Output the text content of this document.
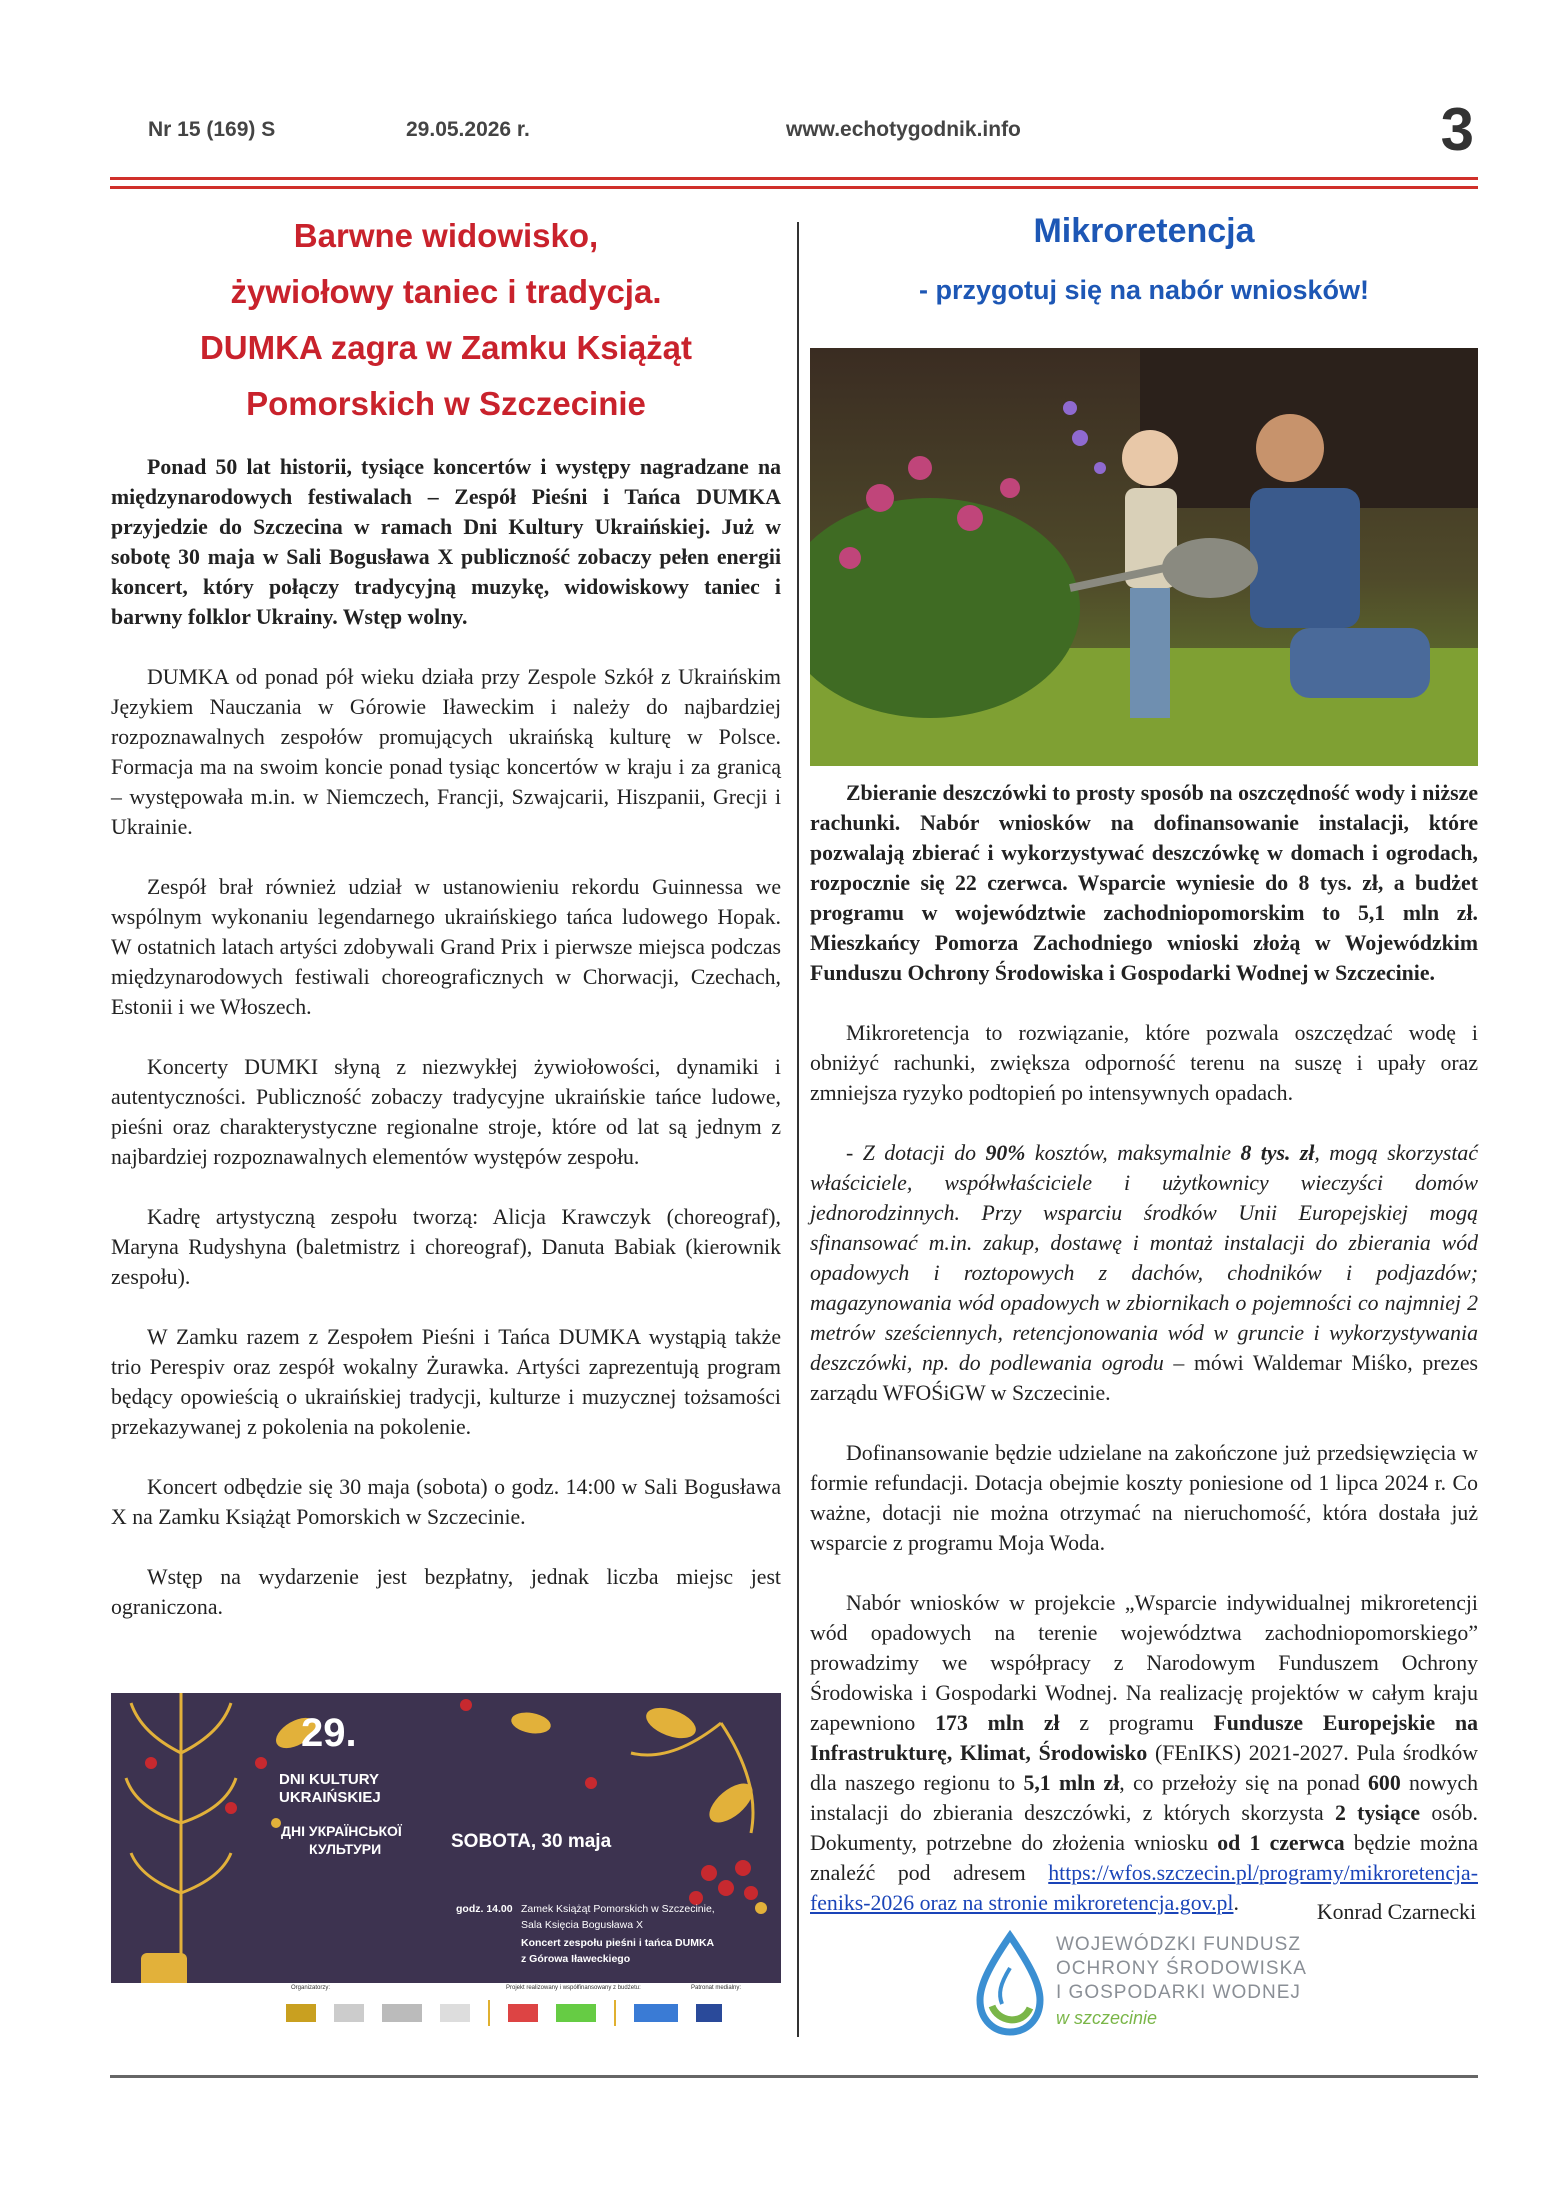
Nr 15 (169) S	29.05.2026 r.	www.echotygodnik.info	3
Barwne widowisko,
żywiołowy taniec i tradycja.
DUMKA zagra w Zamku Książąt
Pomorskich w Szczecinie

Ponad 50 lat historii, tysiące koncertów i występy nagradzane na międzynarodowych festiwalach – Zespół Pieśni i Tańca DUMKA przyjedzie do Szczecina w ramach Dni Kultury Ukraińskiej. Już w sobotę 30 maja w Sali Bogusława X publiczność zobaczy pełen energii koncert, który połączy tradycyjną muzykę, widowiskowy taniec i barwny folklor Ukrainy. Wstęp wolny.

DUMKA od ponad pół wieku działa przy Zespole Szkół z Ukraińskim Językiem Nauczania w Górowie Iławeckim i należy do najbardziej rozpoznawalnych zespołów promujących ukraińską kulturę w Polsce. Formacja ma na swoim koncie ponad tysiąc koncertów w kraju i za granicą – występowała m.in. w Niemczech, Francji, Szwajcarii, Hiszpanii, Grecji i Ukrainie.

Zespół brał również udział w ustanowieniu rekordu Guinnessa we wspólnym wykonaniu legendarnego ukraińskiego tańca ludowego Hopak. W ostatnich latach artyści zdobywali Grand Prix i pierwsze miejsca podczas międzynarodowych festiwali choreograficznych w Chorwacji, Czechach, Estonii i we Włoszech.

Koncerty DUMKI słyną z niezwykłej żywiołowości, dynamiki i autentyczności. Publiczność zobaczy tradycyjne ukraińskie tańce ludowe, pieśni oraz charakterystyczne regionalne stroje, które od lat są jednym z najbardziej rozpoznawalnych elementów występów zespołu.

Kadrę artystyczną zespołu tworzą: Alicja Krawczyk (choreograf), Maryna Rudyshyna (baletmistrz i choreograf), Danuta Babiak (kierownik zespołu).

W Zamku razem z Zespołem Pieśni i Tańca DUMKA wystąpią także trio Perespiv oraz zespół wokalny Żurawka. Artyści zaprezentują program będący opowieścią o ukraińskiej tradycji, kulturze i muzycznej tożsamości przekazywanej z pokolenia na pokolenie.

Koncert odbędzie się 30 maja (sobota) o godz. 14:00 w Sali Bogusława X na Zamku Książąt Pomorskich w Szczecinie.

Wstęp na wydarzenie jest bezpłatny, jednak liczba miejsc jest ograniczona.

29.
DNI KULTURY
UKRAIŃSKIEJ
ДНІ УКРАЇНСЬКОЇ
КУЛЬТУРИ	SOBOTA, 30 maja
godz. 14.00 Zamek Książąt Pomorskich w Szczecinie,
Sala Księcia Bogusława X
Koncert zespołu pieśni i tańca DUMKA
z Górowa Iławeckiego
Organizatorzy:	Projekt realizowany i współfinansowany z budżetu:	Patronat medialny:
Mikroretencja
- przygotuj się na nabór wniosków!

Zbieranie deszczówki to prosty sposób na oszczędność wody i niższe rachunki. Nabór wniosków na dofinansowanie instalacji, które pozwalają zbierać i wykorzystywać deszczówkę w domach i ogrodach, rozpocznie się 22 czerwca. Wsparcie wyniesie do 8 tys. zł, a budżet programu w województwie zachodniopomorskim to 5,1 mln zł. Mieszkańcy Pomorza Zachodniego wnioski złożą w Wojewódzkim Funduszu Ochrony Środowiska i Gospodarki Wodnej w Szczecinie.

Mikroretencja to rozwiązanie, które pozwala oszczędzać wodę i obniżyć rachunki, zwiększa odporność terenu na suszę i upały oraz zmniejsza ryzyko podtopień po intensywnych opadach.

- Z dotacji do 90% kosztów, maksymalnie 8 tys. zł, mogą skorzystać właściciele, współwłaściciele i użytkownicy wieczyści domów jednorodzinnych. Przy wsparciu środków Unii Europejskiej mogą sfinansować m.in. zakup, dostawę i montaż instalacji do zbierania wód opadowych i roztopowych z dachów, chodników i podjazdów; magazynowania wód opadowych w zbiornikach o pojemności co najmniej 2 metrów sześciennych, retencjonowania wód w gruncie i wykorzystywania deszczówki, np. do podlewania ogrodu – mówi Waldemar Miśko, prezes zarządu WFOŚiGW w Szczecinie.

Dofinansowanie będzie udzielane na zakończone już przedsięwzięcia w formie refundacji. Dotacja obejmie koszty poniesione od 1 lipca 2024 r. Co ważne, dotacji nie można otrzymać na nieruchomość, która dostała już wsparcie z programu Moja Woda.

Nabór wniosków w projekcie „Wsparcie indywidualnej mikroretencji wód opadowych na terenie województwa zachodniopomorskiego” prowadzimy we współpracy z Narodowym Funduszem Ochrony Środowiska i Gospodarki Wodnej. Na realizację projektów w całym kraju zapewniono 173 mln zł z programu Fundusze Europejskie na Infrastrukturę, Klimat, Środowisko (FEnIKS) 2021-2027. Pula środków dla naszego regionu to 5,1 mln zł, co przełoży się na ponad 600 nowych instalacji do zbierania deszczówki, z których skorzysta 2 tysiące osób. Dokumenty, potrzebne do złożenia wniosku od 1 czerwca będzie można znaleźć pod adresem https://wfos.szczecin.pl/programy/mikroretencja-feniks-2026 oraz na stronie mikroretencja.gov.pl.	Konrad Czarnecki
WOJEWÓDZKI FUNDUSZ
OCHRONY ŚRODOWISKA
I GOSPODARKI WODNEJ
w szczecinie
